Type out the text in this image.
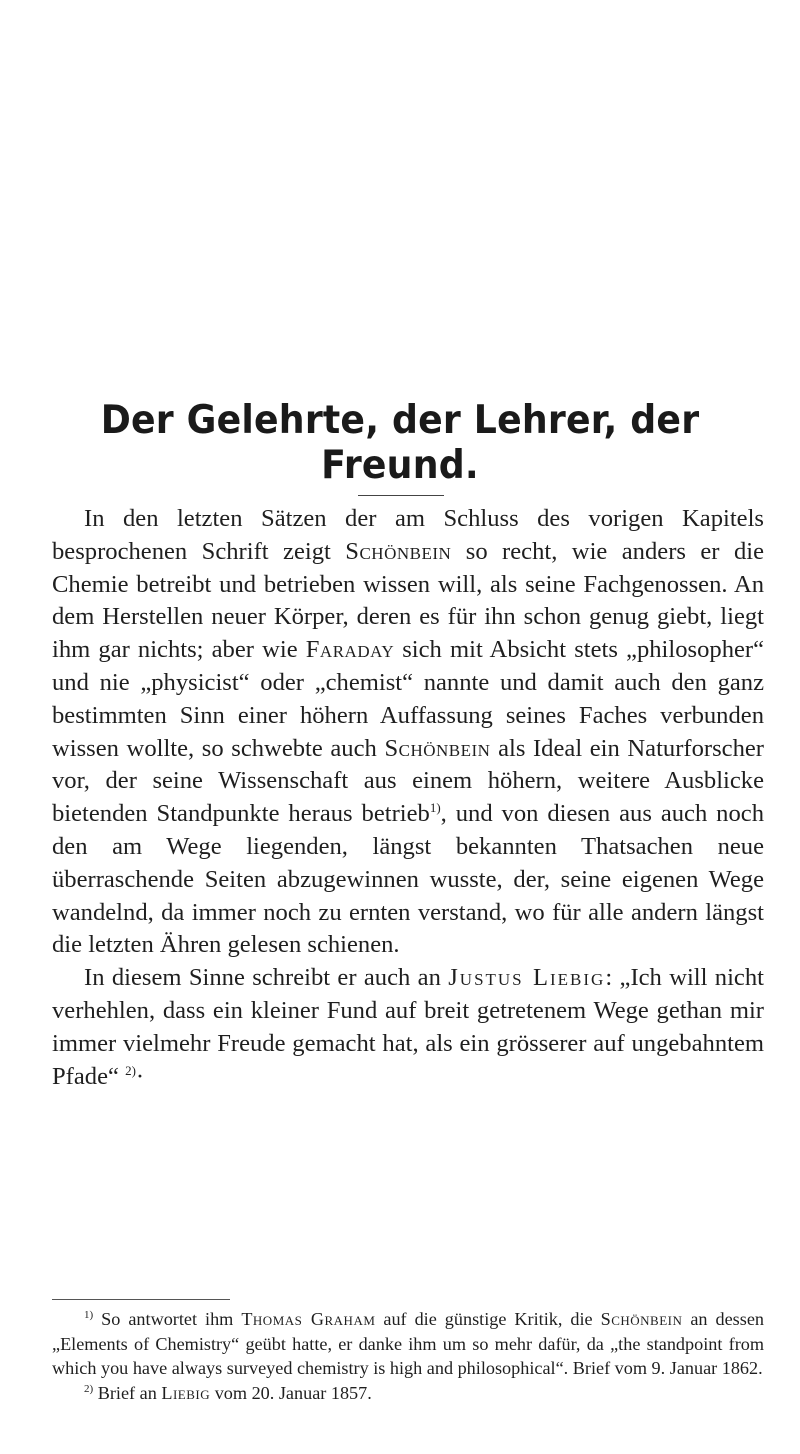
Der Gelehrte, der Lehrer, der Freund.

In den letzten Sätzen der am Schluss des vorigen Kapitels besprochenen Schrift zeigt Schönbein so recht, wie anders er die Chemie betreibt und betrieben wissen will, als seine Fachgenossen. An dem Herstellen neuer Körper, deren es für ihn schon genug giebt, liegt ihm gar nichts; aber wie Faraday sich mit Absicht stets „philosopher“ und nie „physicist“ oder „chemist“ nannte und damit auch den ganz bestimmten Sinn einer höhern Auffassung seines Faches verbunden wissen wollte, so schwebte auch Schönbein als Ideal ein Naturforscher vor, der seine Wissenschaft aus einem höhern, weitere Ausblicke bietenden Standpunkte heraus betrieb$^{1)}$, und von diesen aus auch noch den am Wege liegenden, längst bekannten Thatsachen neue überraschende Seiten abzugewinnen wusste, der, seine eigenen Wege wandelnd, da immer noch zu ernten verstand, wo für alle andern längst die letzten Ähren gelesen schienen.

In diesem Sinne schreibt er auch an Justus Liebig: „Ich will nicht verhehlen, dass ein kleiner Fund auf breit getretenem Wege gethan mir immer vielmehr Freude gemacht hat, als ein grösserer auf ungebahntem Pfade“ $^{2)}$·

$^{1)}$ So antwortet ihm Thomas Graham auf die günstige Kritik, die Schönbein an dessen „Elements of Chemistry“ geübt hatte, er danke ihm um so mehr dafür, da „the standpoint from which you have always surveyed chemistry is high and philosophical“. Brief vom 9. Januar 1862.

$^{2)}$ Brief an Liebig vom 20. Januar 1857.
